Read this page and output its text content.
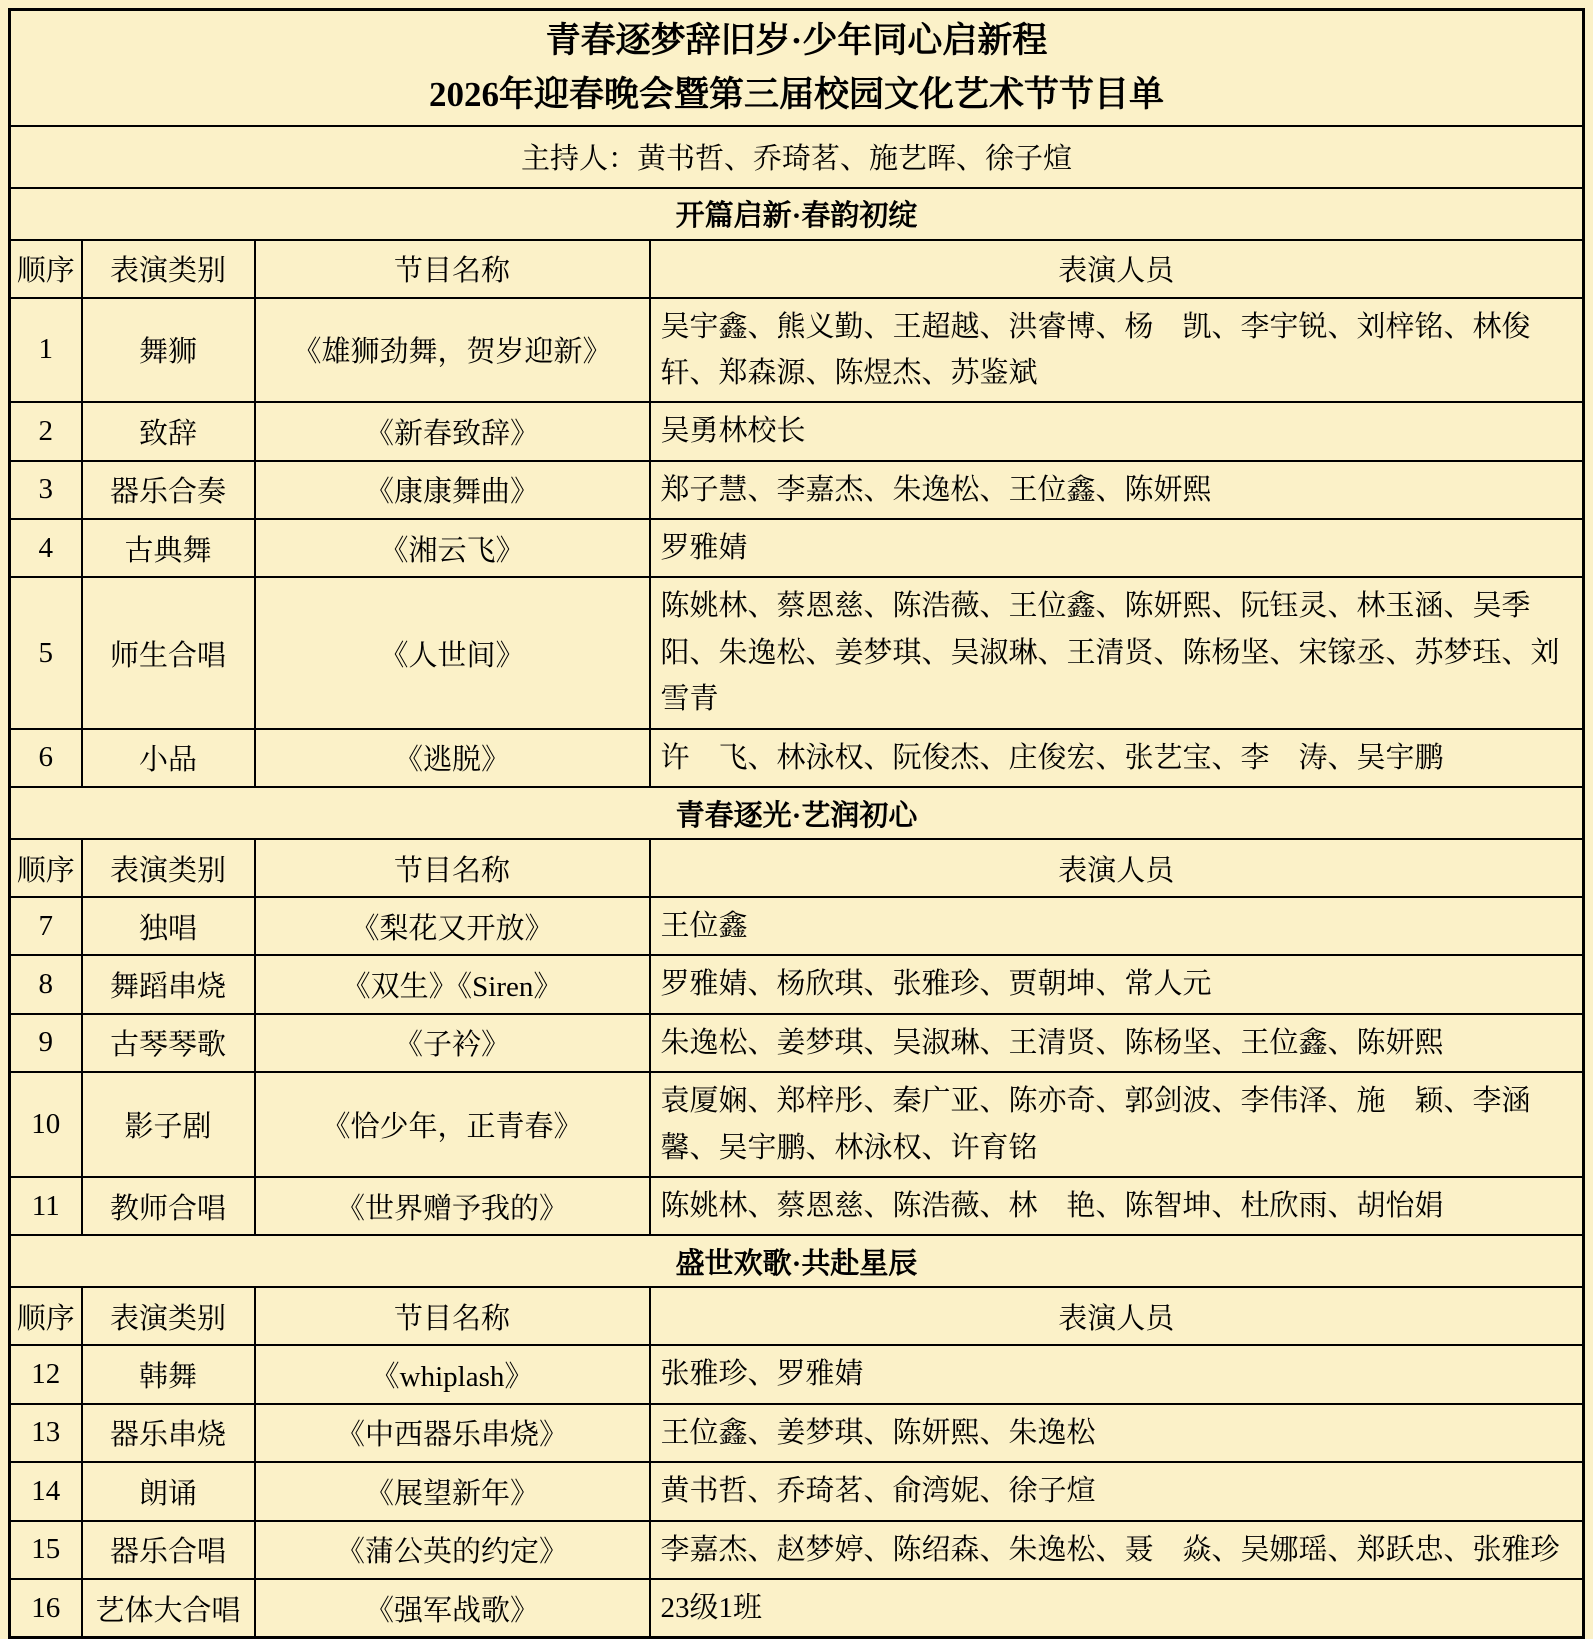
青春逐梦辞旧岁·少年同心启新程
2026年迎春晚会暨第三届校园文化艺术节节目单			

主持人：黄书哲、乔琦茗、施艺晖、徐子煊			
开篇启新·春韵初绽			
顺序	表演类别	节目名称	表演人员
1	舞狮	《雄狮劲舞，贺岁迎新》	吴宇鑫、熊义勤、王超越、洪睿博、杨　凯、李宇锐、刘梓铭、林俊轩、郑森源、陈煜杰、苏鉴斌
2	致辞	《新春致辞》	吴勇林校长
3	器乐合奏	《康康舞曲》	郑子慧、李嘉杰、朱逸松、王位鑫、陈妍熙
4	古典舞	《湘云飞》	罗雅婧
5	师生合唱	《人世间》	陈姚林、蔡恩慈、陈浩薇、王位鑫、陈妍熙、阮钰灵、林玉涵、吴季阳、朱逸松、姜梦琪、吴淑琳、王清贤、陈杨坚、宋镓丞、苏梦珏、刘雪青
6	小品	《逃脱》	许　飞、林泳权、阮俊杰、庄俊宏、张艺宝、李　涛、吴宇鹏
青春逐光·艺润初心			
顺序	表演类别	节目名称	表演人员
7	独唱	《梨花又开放》	王位鑫
8	舞蹈串烧	《双生》《Siren》	罗雅婧、杨欣琪、张雅珍、贾朝坤、常人元
9	古琴琴歌	《子衿》	朱逸松、姜梦琪、吴淑琳、王清贤、陈杨坚、王位鑫、陈妍熙
10	影子剧	《恰少年，正青春》	袁厦娴、郑梓彤、秦广亚、陈亦奇、郭剑波、李伟泽、施　颖、李涵馨、吴宇鹏、林泳权、许育铭
11	教师合唱	《世界赠予我的》	陈姚林、蔡恩慈、陈浩薇、林　艳、陈智坤、杜欣雨、胡怡娟
盛世欢歌·共赴星辰			
顺序	表演类别	节目名称	表演人员
12	韩舞	《whiplash》	张雅珍、罗雅婧
13	器乐串烧	《中西器乐串烧》	王位鑫、姜梦琪、陈妍熙、朱逸松
14	朗诵	《展望新年》	黄书哲、乔琦茗、俞湾妮、徐子煊
15	器乐合唱	《蒲公英的约定》	李嘉杰、赵梦婷、陈绍森、朱逸松、聂　焱、吴娜瑶、郑跃忠、张雅珍
16	艺体大合唱	《强军战歌》	23级1班
